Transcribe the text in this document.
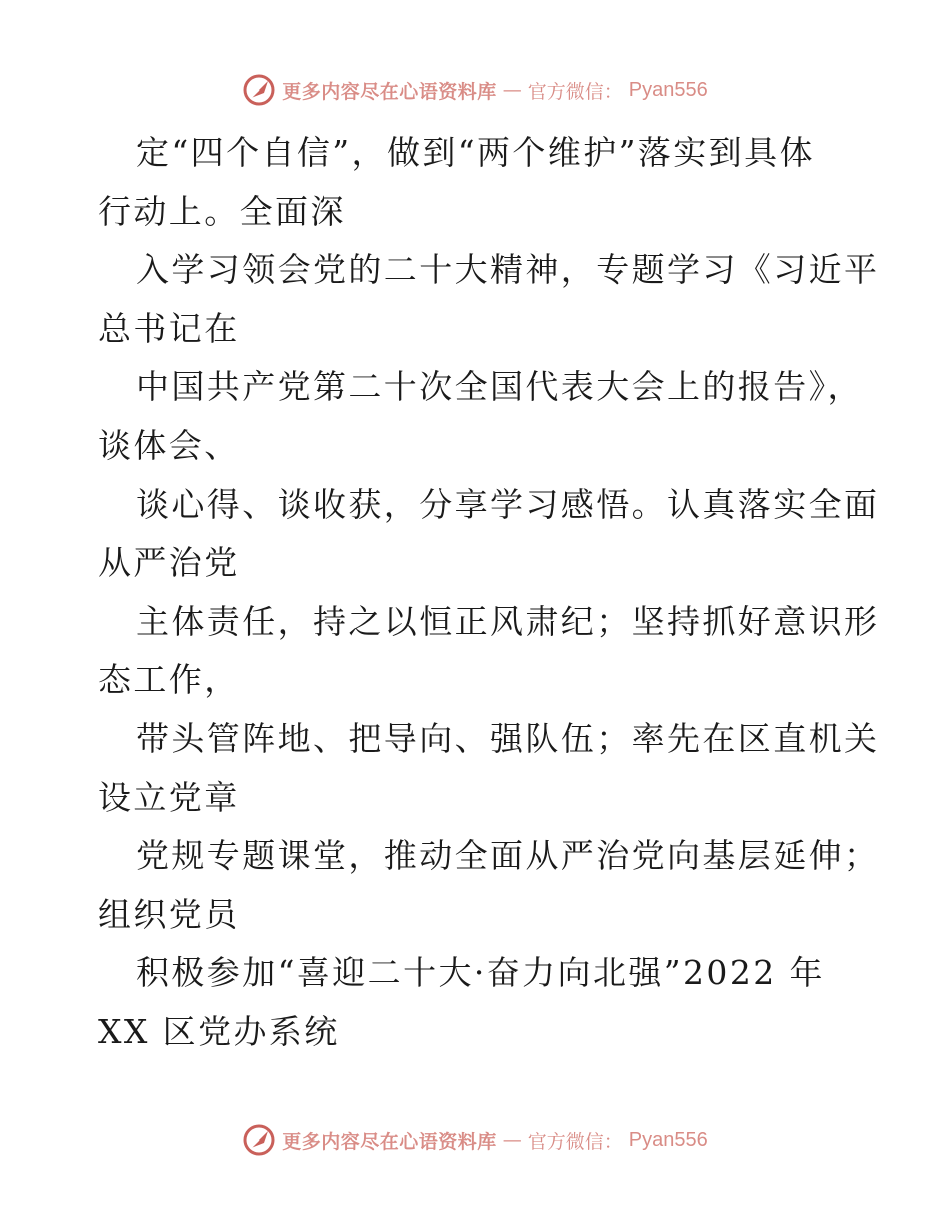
更多内容尽在心语资料库 — 官方微信： Pyan556
定“四个自信”，做到“两个维护”落实到具体
行动上。全面深
入学习领会党的二十大精神，专题学习《习近平
总书记在
中国共产党第二十次全国代表大会上的报告》，
谈体会、
谈心得、谈收获，分享学习感悟。认真落实全面
从严治党
主体责任，持之以恒正风肃纪；坚持抓好意识形
态工作，
带头管阵地、把导向、强队伍；率先在区直机关
设立党章
党规专题课堂，推动全面从严治党向基层延伸；
组织党员
积极参加“喜迎二十大·奋力向北强”2022 年
XX 区党办系统
更多内容尽在心语资料库 — 官方微信： Pyan556
